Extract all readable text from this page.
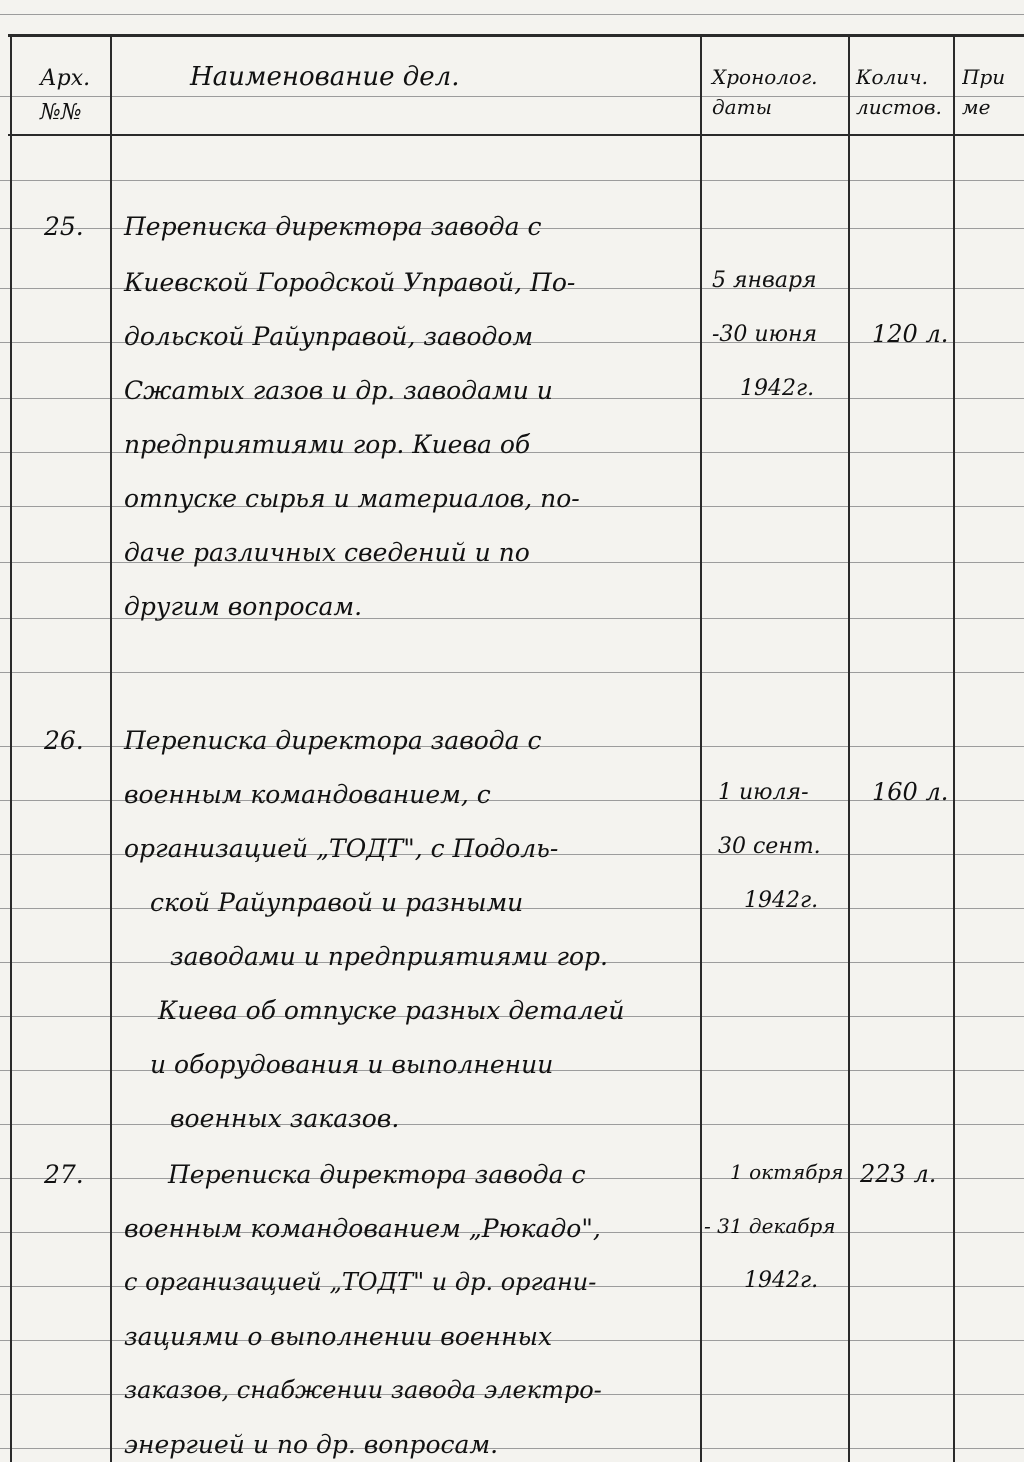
Арх. №№
Наименование дел.	Хронолог. даты
Колич. листов.
При ме
25. Переписка директора завода с
Киевской Городской Управой, По-
дольской Райуправой, заводом
Сжатых газов и др. заводами и
предприятиями гор. Киева об
отпуске сырья и материалов, по-
даче различных сведений и по
другим вопросам.
5 января
-30 июня
1942г.
120 л.
26. Переписка директора завода с
военным командованием, с
организацией „ТОДТ", с Подоль-
ской Райуправой и разными
заводами и предприятиями гор.
Киева об отпуске разных деталей
и оборудования и выполнении
военных заказов.
1 июля-
30 сент.
1942г.
160 л.
27.	Переписка директора завода с
военным командованием „Рюкадо",
с организацией „ТОДТ" и др. органи-
зациями о выполнении военных
заказов, снабжении завода электро-
энергией и по др. вопросам.
1 октября
- 31 декабря
1942г.
223 л.
